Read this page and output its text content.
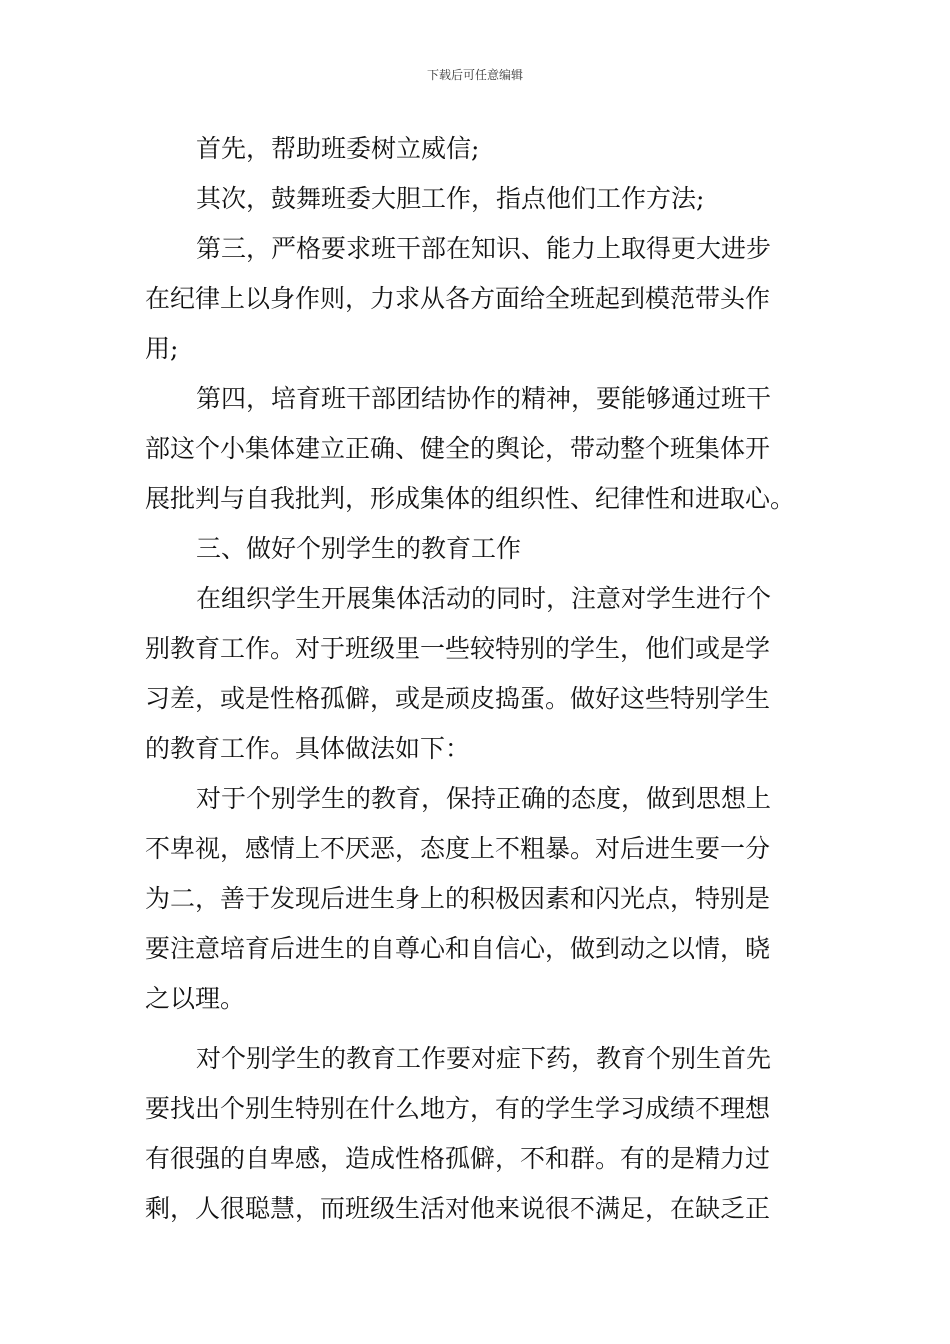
下载后可任意编辑
首先，帮助班委树立威信;
其次，鼓舞班委大胆工作，指点他们工作方法;
第三，严格要求班干部在知识、能力上取得更大进步
在纪律上以身作则，力求从各方面给全班起到模范带头作
用;
第四，培育班干部团结协作的精神，要能够通过班干
部这个小集体建立正确、健全的舆论，带动整个班集体开
展批判与自我批判，形成集体的组织性、纪律性和进取心。
三、做好个别学生的教育工作
在组织学生开展集体活动的同时，注意对学生进行个
别教育工作。对于班级里一些较特别的学生，他们或是学
习差，或是性格孤僻，或是顽皮捣蛋。做好这些特别学生
的教育工作。具体做法如下：
对于个别学生的教育，保持正确的态度，做到思想上
不卑视，感情上不厌恶，态度上不粗暴。对后进生要一分
为二，善于发现后进生身上的积极因素和闪光点，特别是
要注意培育后进生的自尊心和自信心，做到动之以情，晓
之以理。
对个别学生的教育工作要对症下药，教育个别生首先
要找出个别生特别在什么地方，有的学生学习成绩不理想
有很强的自卑感，造成性格孤僻，不和群。有的是精力过
剩，人很聪慧，而班级生活对他来说很不满足，在缺乏正
